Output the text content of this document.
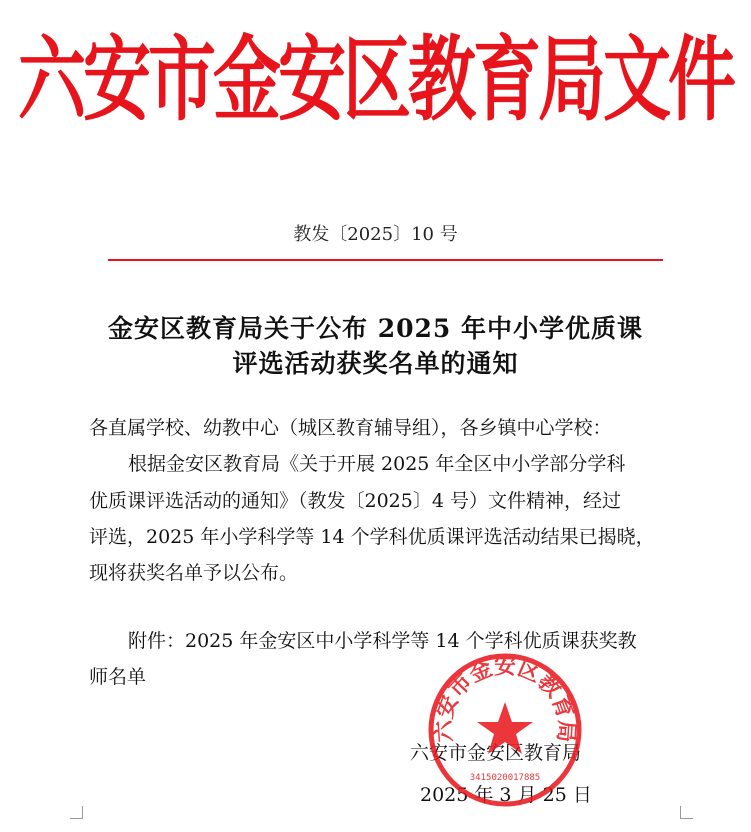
六安市金安区教育局文件
教发〔2025〕10 号
金安区教育局关于公布 2025 年中小学优质课
评选活动获奖名单的通知
各直属学校、幼教中心（城区教育辅导组），各乡镇中心学校：
根据金安区教育局《关于开展 2025 年全区中小学部分学科
优质课评选活动的通知》（教发〔2025〕4 号）文件精神，经过
评选，2025 年小学科学等 14 个学科优质课评选活动结果已揭晓，
现将获奖名单予以公布。
附件：2025 年金安区中小学科学等 14 个学科优质课获奖教
师名单
六安市金安区教育局
2025 年 3 月 25 日
六安市金安区教育局
3415020017885
